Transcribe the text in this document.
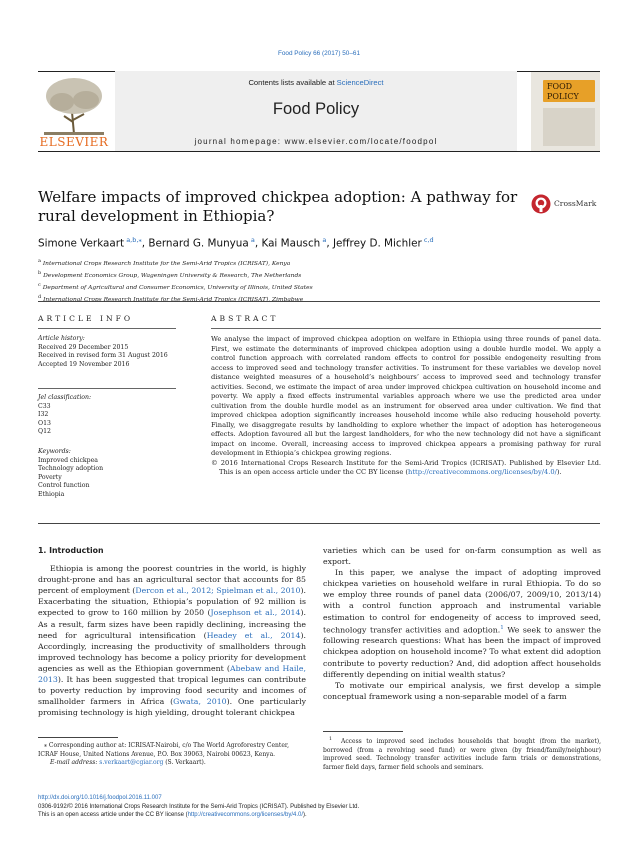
Food Policy 66 (2017) 50–61
Contents lists available at ScienceDirect
Food Policy
journal homepage: www.elsevier.com/locate/foodpol
ELSEVIER
FOOD POLICY
Welfare impacts of improved chickpea adoption: A pathway for rural development in Ethiopia?
CrossMark
Simone Verkaart  $^{a,b,⁎}$, Bernard G. Munyua  $^a$, Kai Mausch  $^a$, Jeffrey D. Michler  $^{c,d}$
$^a$ International Crops Research Institute for the Semi-Arid Tropics (ICRISAT), Kenya
$^b$ Development Economics Group, Wageningen University & Research, The Netherlands
$^c$ Department of Agricultural and Consumer Economics, University of Illinois, United States
$^d$ International Crops Research Institute for the Semi-Arid Tropics (ICRISAT), Zimbabwe
ARTICLE INFO	ABSTRACT
Article history:
Received 29 December 2015
Received in revised form 31 August 2016
Accepted 19 November 2016
Jel classification:
C33
I32
O13
Q12
Keywords:
Improved chickpea
Technology adoption
Poverty
Control function
Ethiopia
We analyse the impact of improved chickpea adoption on welfare in Ethiopia using three rounds of panel data. First, we estimate the determinants of improved chickpea adoption using a double hurdle model. We apply a control function approach with correlated random effects to control for possible endogeneity resulting from access to improved seed and technology transfer activities. To instrument for these variables we develop novel distance weighted measures of a household’s neighbours’ access to improved seed and technology transfer activities. Second, we estimate the impact of area under improved chickpea cultivation on household income and poverty. We apply a fixed effects instrumental variables approach where we use the predicted area under cultivation from the double hurdle model as an instrument for observed area under cultivation. We find that improved chickpea adoption significantly increases household income while also reducing household poverty. Finally, we disaggregate results by landholding to explore whether the impact of adoption has heterogeneous effects. Adoption favoured all but the largest landholders, for who the new technology did not have a significant impact on income. Overall, increasing access to improved chickpea appears a promising pathway for rural development in Ethiopia’s chickpea growing regions.
© 2016 International Crops Research Institute for the Semi-Arid Tropics (ICRISAT). Published by Elsevier Ltd. This is an open access article under the CC BY license (http://creativecommons.org/licenses/by/4.0/).
1. Introduction

Ethiopia is among the poorest countries in the world, is highly drought-prone and has an agricultural sector that accounts for 85 percent of employment (Dercon et al., 2012; Spielman et al., 2010). Exacerbating the situation, Ethiopia’s population of 92 million is expected to grow to 160 million by 2050 (Josephson et al., 2014). As a result, farm sizes have been rapidly declining, increasing the need for agricultural intensification (Headey et al., 2014). Accordingly, increasing the productivity of smallholders through improved technology has become a policy priority for development agencies as well as the Ethiopian government (Abebaw and Haile, 2013). It has been suggested that tropical legumes can contribute to poverty reduction by improving food security and incomes of smallholder farmers in Africa (Gwata, 2010). One particularly promising technology is high yielding, drought tolerant chickpea

varieties which can be used for on-farm consumption as well as export.

In this paper, we analyse the impact of adopting improved chickpea varieties on household welfare in rural Ethiopia. To do so we employ three rounds of panel data (2006/07, 2009/10, 2013/14) with a control function approach and instrumental variable estimation to control for endogeneity of access to improved seed, technology transfer activities and adoption.$^1$ We seek to answer the following research questions: What has been the impact of improved chickpea adoption on household income? To what extent did adoption contribute to poverty reduction? And, did adoption affect households differently depending on initial wealth status?

To motivate our empirical analysis, we first develop a simple conceptual framework using a non-separable model of a farm

⁎ Corresponding author at: ICRISAT-Nairobi, c/o The World Agroforestry Center, ICRAF House, United Nations Avenue, P.O. Box 39063, Nairobi 00623, Kenya.
E-mail address: s.verkaart@cgiar.org (S. Verkaart).
$^1$ Access to improved seed includes households that bought (from the market), borrowed (from a revolving seed fund) or were given (by friend/family/neighbour) improved seed. Technology transfer activities include farm trials or demonstrations, farmer field days, farmer field schools and seminars.
http://dx.doi.org/10.1016/j.foodpol.2016.11.007
0306-9192/© 2016 International Crops Research Institute for the Semi-Arid Tropics (ICRISAT). Published by Elsevier Ltd.
This is an open access article under the CC BY license (http://creativecommons.org/licenses/by/4.0/).
